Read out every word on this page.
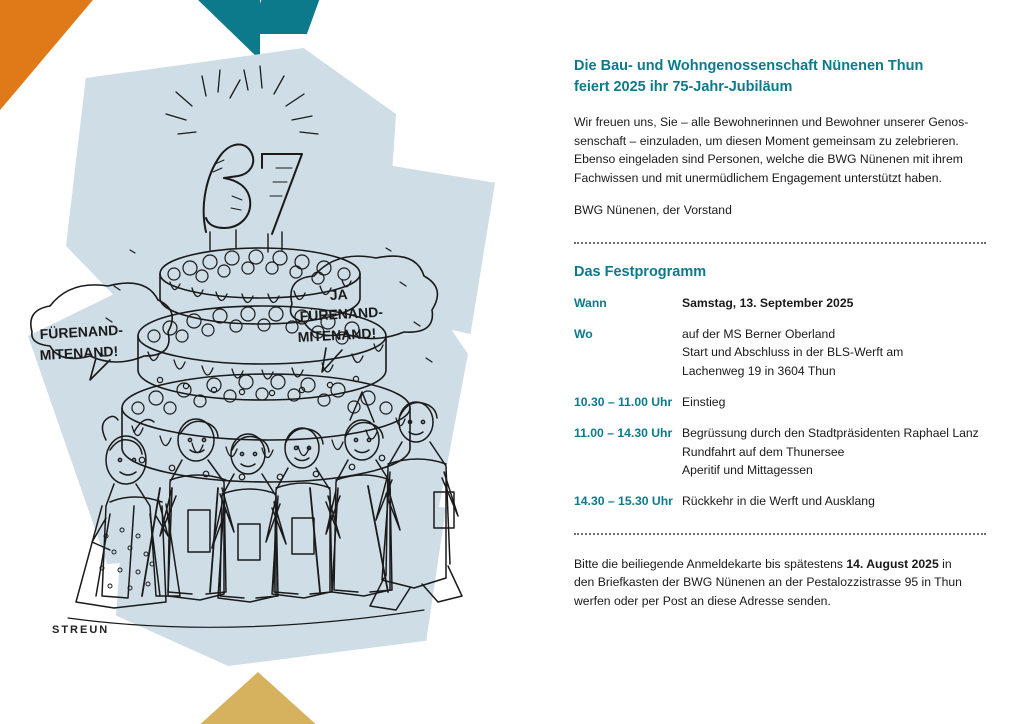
FÜRENAND-
MITENAND!
JA
FÜRENAND-
MITENAND!
STREUN
Die Bau- und Wohngenossenschaft Nünenen Thun
feiert 2025 ihr 75-Jahr-Jubiläum

Wir freuen uns, Sie – alle Bewohnerinnen und Bewohner unserer Genos-
senschaft – einzuladen, um diesen Moment gemeinsam zu zelebrieren.
Ebenso eingeladen sind Personen, welche die BWG Nünenen mit ihrem
Fachwissen und mit unermüdlichem Engagement unterstützt haben.

BWG Nünenen, der Vorstand

Das Festprogramm
Wann	Samstag, 13. September 2025
Wo	auf der MS Berner Oberland
Start und Abschluss in der BLS-Werft am
Lachenweg 19 in 3604 Thun
10.30 – 11.00 Uhr Einstieg
11.00 – 14.30 Uhr Begrüssung durch den Stadtpräsidenten Raphael Lanz
Rundfahrt auf dem Thunersee
Aperitif und Mittagessen
14.30 – 15.30 Uhr Rückkehr in die Werft und Ausklang

Bitte die beiliegende Anmeldekarte bis spätestens 14. August 2025 in
den Briefkasten der BWG Nünenen an der Pestalozzistrasse 95 in Thun
werfen oder per Post an diese Adresse senden.
